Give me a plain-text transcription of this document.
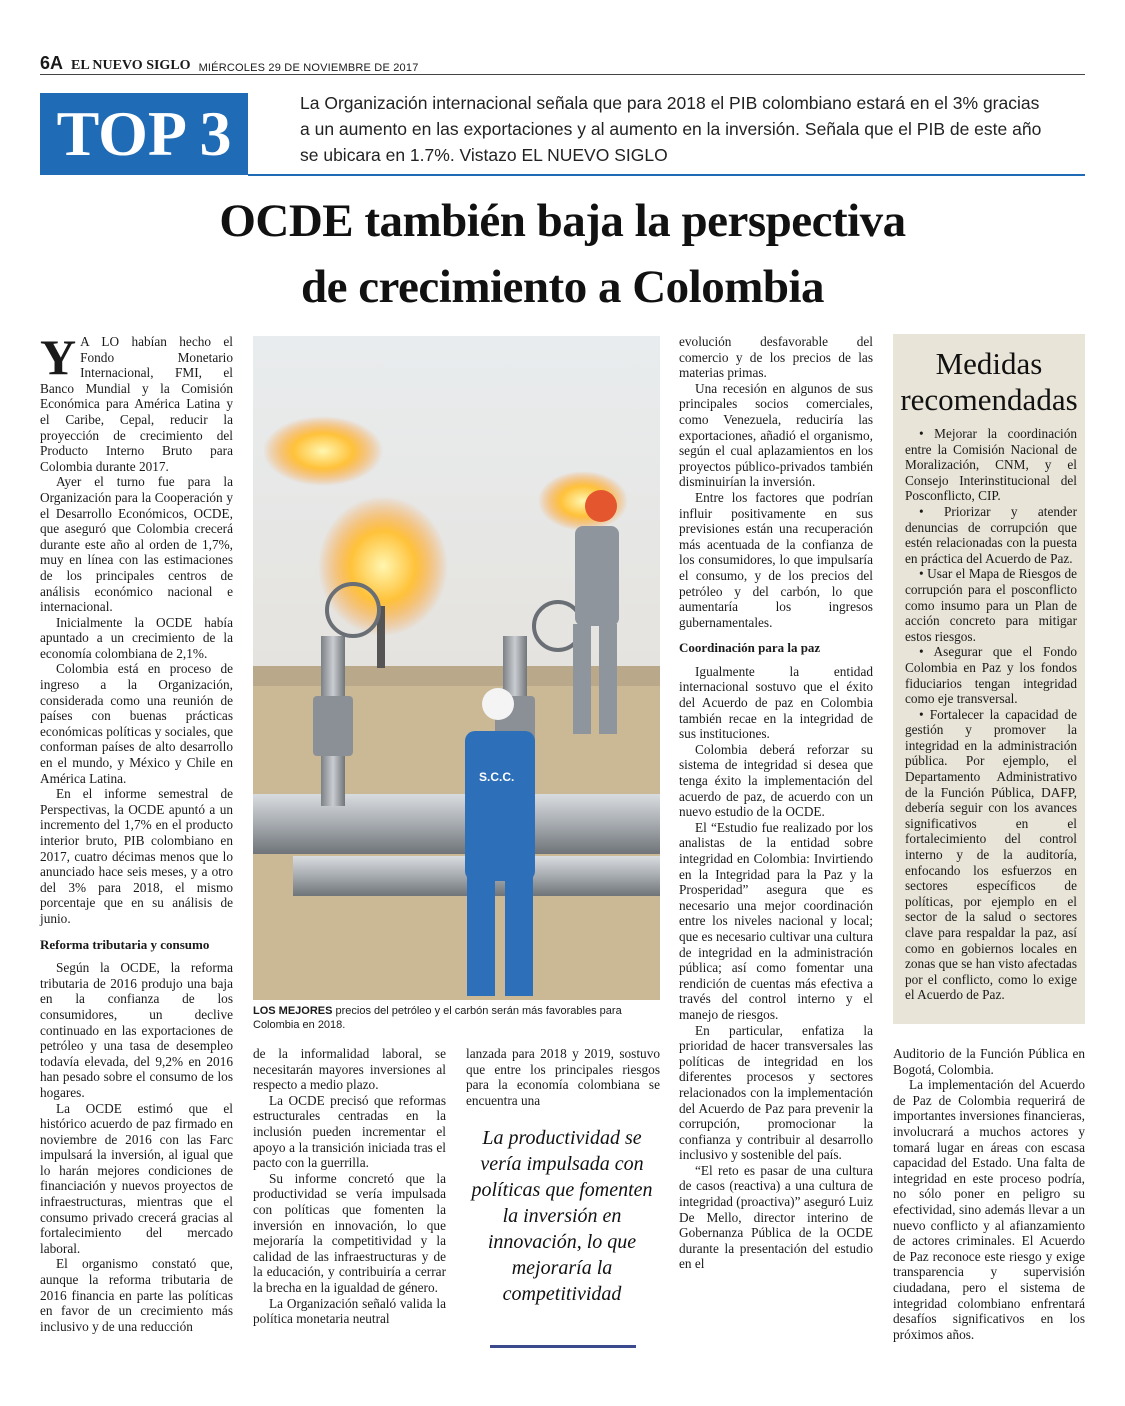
6A EL NUEVO SIGLO MIÉRCOLES 29 DE NOVIEMBRE DE 2017
TOP 3	La Organización internacional señala que para 2018 el PIB colombiano estará en el 3% gracias a un aumento en las exportaciones y al aumento en la inversión. Señala que el PIB de este año se ubicara en 1.7%. Vistazo EL NUEVO SIGLO
OCDE también baja la perspectiva
de crecimiento a Colombia

Y A LO habían hecho el Fondo Monetario Internacional, FMI, el Banco Mundial y la Comisión Económica para América Latina y el Caribe, Cepal, reducir la proyección de crecimiento del Producto Interno Bruto para Colombia durante 2017.

Ayer el turno fue para la Organización para la Cooperación y el Desarrollo Económicos, OCDE, que aseguró que Colombia crecerá durante este año al orden de 1,7%, muy en línea con las estimaciones de los principales centros de análisis económico nacional e internacional.

Inicialmente la OCDE había apuntado a un crecimiento de la economía colombiana de 2,1%.

Colombia está en proceso de ingreso a la Organización, considerada como una reunión de países con buenas prácticas económicas políticas y sociales, que conforman países de alto desarrollo en el mundo, y México y Chile en América Latina.

En el informe semestral de Perspectivas, la OCDE apuntó a un incremento del 1,7% en el producto interior bruto, PIB colombiano en 2017, cuatro décimas menos que lo anunciado hace seis meses, y a otro del 3% para 2018, el mismo porcentaje que en su análisis de junio.

Reforma tributaria y consumo

Según la OCDE, la reforma tributaria de 2016 produjo una baja en la confianza de los consumidores, un declive continuado en las exportaciones de petróleo y una tasa de desempleo todavía elevada, del 9,2% en 2016 han pesado sobre el consumo de los hogares.

La OCDE estimó que el histórico acuerdo de paz firmado en noviembre de 2016 con las Farc impulsará la inversión, al igual que lo harán mejores condiciones de financiación y nuevos proyectos de infraestructuras, mientras que el consumo privado crecerá gracias al fortalecimiento del mercado laboral.

El organismo constató que, aunque la reforma tributaria de 2016 financia en parte las políticas en favor de un crecimiento más inclusivo y de una reducción

S.C.C.
LOS MEJORES precios del petróleo y el carbón serán más favorables para Colombia en 2018.

de la informalidad laboral, se necesitarán mayores inversiones al respecto a medio plazo.

La OCDE precisó que reformas estructurales centradas en la inclusión pueden incrementar el apoyo a la transición iniciada tras el pacto con la guerrilla.

Su informe concretó que la productividad se vería impulsada con políticas que fomenten la inversión en innovación, lo que mejoraría la competitividad y la calidad de las infraestructuras y de la educación, y contribuiría a cerrar la brecha en la igualdad de género.

La Organización señaló valida la política monetaria neutral

lanzada para 2018 y 2019, sostuvo que entre los principales riesgos para la economía colombiana se encuentra una

La productividad se vería impulsada con políticas que fomenten la inversión en innovación, lo que mejoraría la competitividad

evolución desfavorable del comercio y de los precios de las materias primas.

Una recesión en algunos de sus principales socios comerciales, como Venezuela, reduciría las exportaciones, añadió el organismo, según el cual aplazamientos en los proyectos público-privados también disminuirían la inversión.

Entre los factores que podrían influir positivamente en sus previsiones están una recuperación más acentuada de la confianza de los consumidores, lo que impulsaría el consumo, y de los precios del petróleo y del carbón, lo que aumentaría los ingresos gubernamentales.

Coordinación para la paz

Igualmente la entidad internacional sostuvo que el éxito del Acuerdo de paz en Colombia también recae en la integridad de sus instituciones.

Colombia deberá reforzar su sistema de integridad si desea que tenga éxito la implementación del acuerdo de paz, de acuerdo con un nuevo estudio de la OCDE.

El “Estudio fue realizado por los analistas de la entidad sobre integridad en Colombia: Invirtiendo en la Integridad para la Paz y la Prosperidad” asegura que es necesario una mejor coordinación entre los niveles nacional y local; que es necesario cultivar una cultura de integridad en la administración pública; así como fomentar una rendición de cuentas más efectiva a través del control interno y el manejo de riesgos.

En particular, enfatiza la prioridad de hacer transversales las políticas de integridad en los diferentes procesos y sectores relacionados con la implementación del Acuerdo de Paz para prevenir la corrupción, promocionar la confianza y contribuir al desarrollo inclusivo y sostenible del país.

“El reto es pasar de una cultura de casos (reactiva) a una cultura de integridad (proactiva)” aseguró Luiz De Mello, director interino de Gobernanza Pública de la OCDE durante la presentación del estudio en el

Medidas
recomendadas

• Mejorar la coordinación entre la Comisión Nacional de Moralización, CNM, y el Consejo Interinstitucional del Posconflicto, CIP.

• Priorizar y atender denuncias de corrupción que estén relacionadas con la puesta en práctica del Acuerdo de Paz.

• Usar el Mapa de Riesgos de corrupción para el posconflicto como insumo para un Plan de acción concreto para mitigar estos riesgos.

• Asegurar que el Fondo Colombia en Paz y los fondos fiduciarios tengan integridad como eje transversal.

• Fortalecer la capacidad de gestión y promover la integridad en la administración pública. Por ejemplo, el Departamento Administrativo de la Función Pública, DAFP, debería seguir con los avances significativos en el fortalecimiento del control interno y de la auditoría, enfocando los esfuerzos en sectores específicos de políticas, por ejemplo en el sector de la salud o sectores clave para respaldar la paz, así como en gobiernos locales en zonas que se han visto afectadas por el conflicto, como lo exige el Acuerdo de Paz.

Auditorio de la Función Pública en Bogotá, Colombia.

La implementación del Acuerdo de Paz de Colombia requerirá de importantes inversiones financieras, involucrará a muchos actores y tomará lugar en áreas con escasa capacidad del Estado. Una falta de integridad en este proceso podría, no sólo poner en peligro su efectividad, sino además llevar a un nuevo conflicto y al afianzamiento de actores criminales. El Acuerdo de Paz reconoce este riesgo y exige transparencia y supervisión ciudadana, pero el sistema de integridad colombiano enfrentará desafíos significativos en los próximos años.
